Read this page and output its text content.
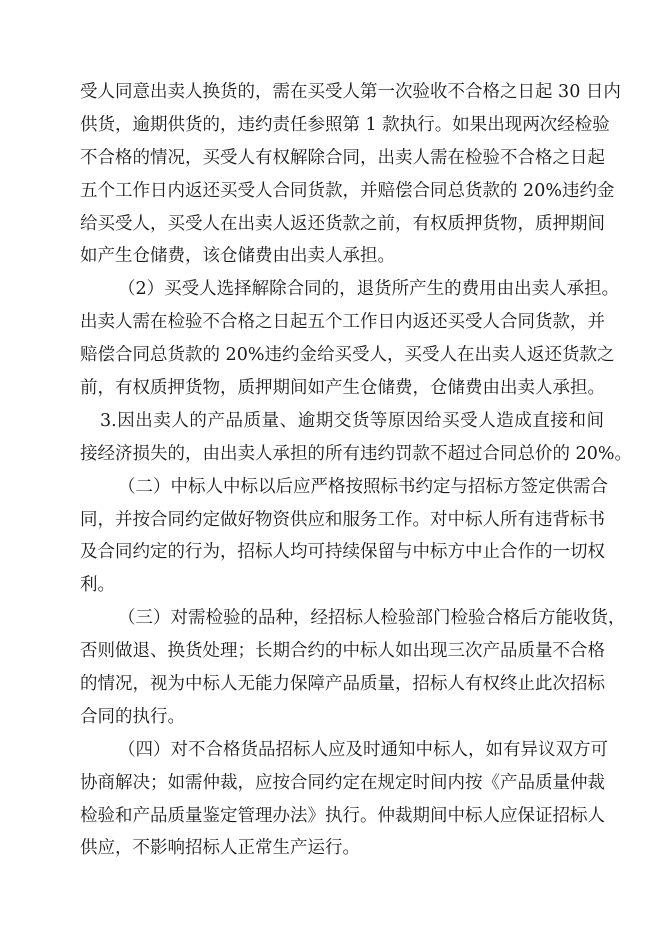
受人同意出卖人换货的，需在买受人第一次验收不合格之日起 30 日内
供货，逾期供货的，违约责任参照第 1 款执行。如果出现两次经检验
不合格的情况，买受人有权解除合同，出卖人需在检验不合格之日起
五个工作日内返还买受人合同货款，并赔偿合同总货款的 20%违约金
给买受人，买受人在出卖人返还货款之前，有权质押货物，质押期间
如产生仓储费，该仓储费由出卖人承担。
（2）买受人选择解除合同的，退货所产生的费用由出卖人承担。
出卖人需在检验不合格之日起五个工作日内返还买受人合同货款，并
赔偿合同总货款的 20%违约金给买受人，买受人在出卖人返还货款之
前，有权质押货物，质押期间如产生仓储费，仓储费由出卖人承担。
3.因出卖人的产品质量、逾期交货等原因给买受人造成直接和间
接经济损失的，由出卖人承担的所有违约罚款不超过合同总价的 20%。
（二）中标人中标以后应严格按照标书约定与招标方签定供需合
同，并按合同约定做好物资供应和服务工作。对中标人所有违背标书
及合同约定的行为，招标人均可持续保留与中标方中止合作的一切权
利。
（三）对需检验的品种，经招标人检验部门检验合格后方能收货，
否则做退、换货处理；长期合约的中标人如出现三次产品质量不合格
的情况，视为中标人无能力保障产品质量，招标人有权终止此次招标
合同的执行。
（四）对不合格货品招标人应及时通知中标人，如有异议双方可
协商解决；如需仲裁，应按合同约定在规定时间内按《产品质量仲裁
检验和产品质量鉴定管理办法》执行。仲裁期间中标人应保证招标人
供应，不影响招标人正常生产运行。
